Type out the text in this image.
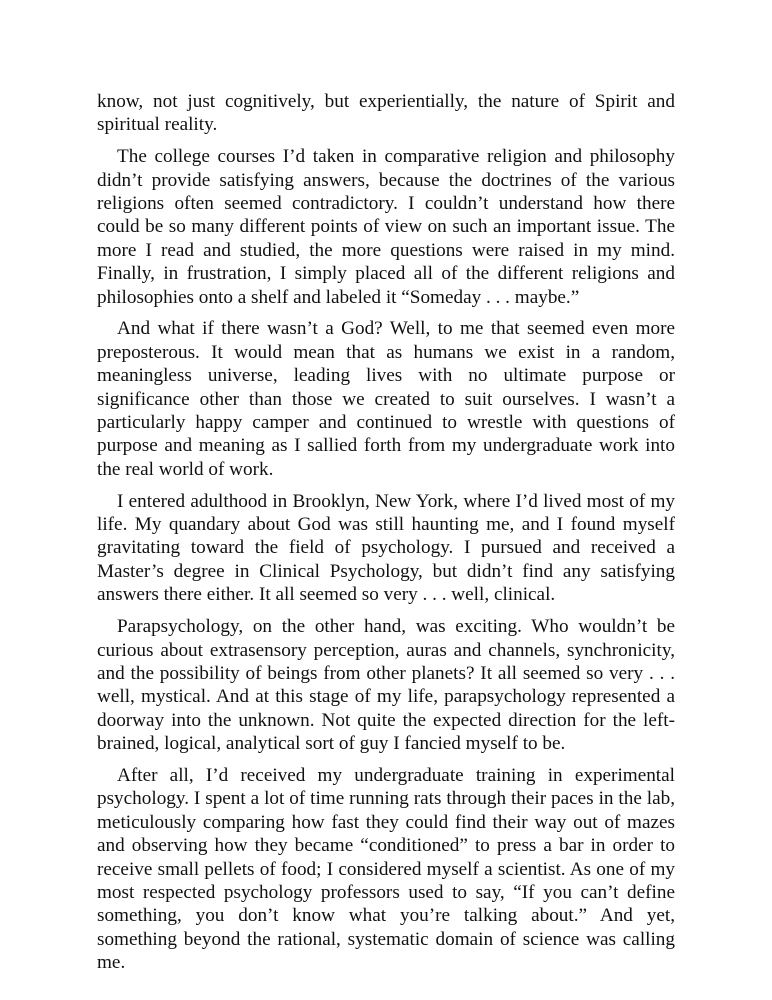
know, not just cognitively, but experientially, the nature of Spirit and spiritual reality.

The college courses I’d taken in comparative religion and philosophy didn’t provide satisfying answers, because the doctrines of the various religions often seemed contradictory. I couldn’t understand how there could be so many different points of view on such an important issue. The more I read and studied, the more questions were raised in my mind. Finally, in frustration, I simply placed all of the different religions and philosophies onto a shelf and labeled it “Someday . . . maybe.”

And what if there wasn’t a God? Well, to me that seemed even more preposterous. It would mean that as humans we exist in a random, meaningless universe, leading lives with no ultimate purpose or significance other than those we created to suit ourselves. I wasn’t a particularly happy camper and continued to wrestle with questions of purpose and meaning as I sallied forth from my undergraduate work into the real world of work.

I entered adulthood in Brooklyn, New York, where I’d lived most of my life. My quandary about God was still haunting me, and I found myself gravitating toward the field of psychology. I pursued and received a Master’s degree in Clinical Psychology, but didn’t find any satisfying answers there either. It all seemed so very . . . well, clinical.

Parapsychology, on the other hand, was exciting. Who wouldn’t be curious about extrasensory perception, auras and channels, synchronicity, and the possibility of beings from other planets? It all seemed so very . . . well, mystical. And at this stage of my life, parapsychology represented a doorway into the unknown. Not quite the expected direction for the left-brained, logical, analytical sort of guy I fancied myself to be.

After all, I’d received my undergraduate training in experimental psychology. I spent a lot of time running rats through their paces in the lab, meticulously comparing how fast they could find their way out of mazes and observing how they became “conditioned” to press a bar in order to receive small pellets of food; I considered myself a scientist. As one of my most respected psychology professors used to say, “If you can’t define something, you don’t know what you’re talking about.” And yet, something beyond the rational, systematic domain of science was calling me.
